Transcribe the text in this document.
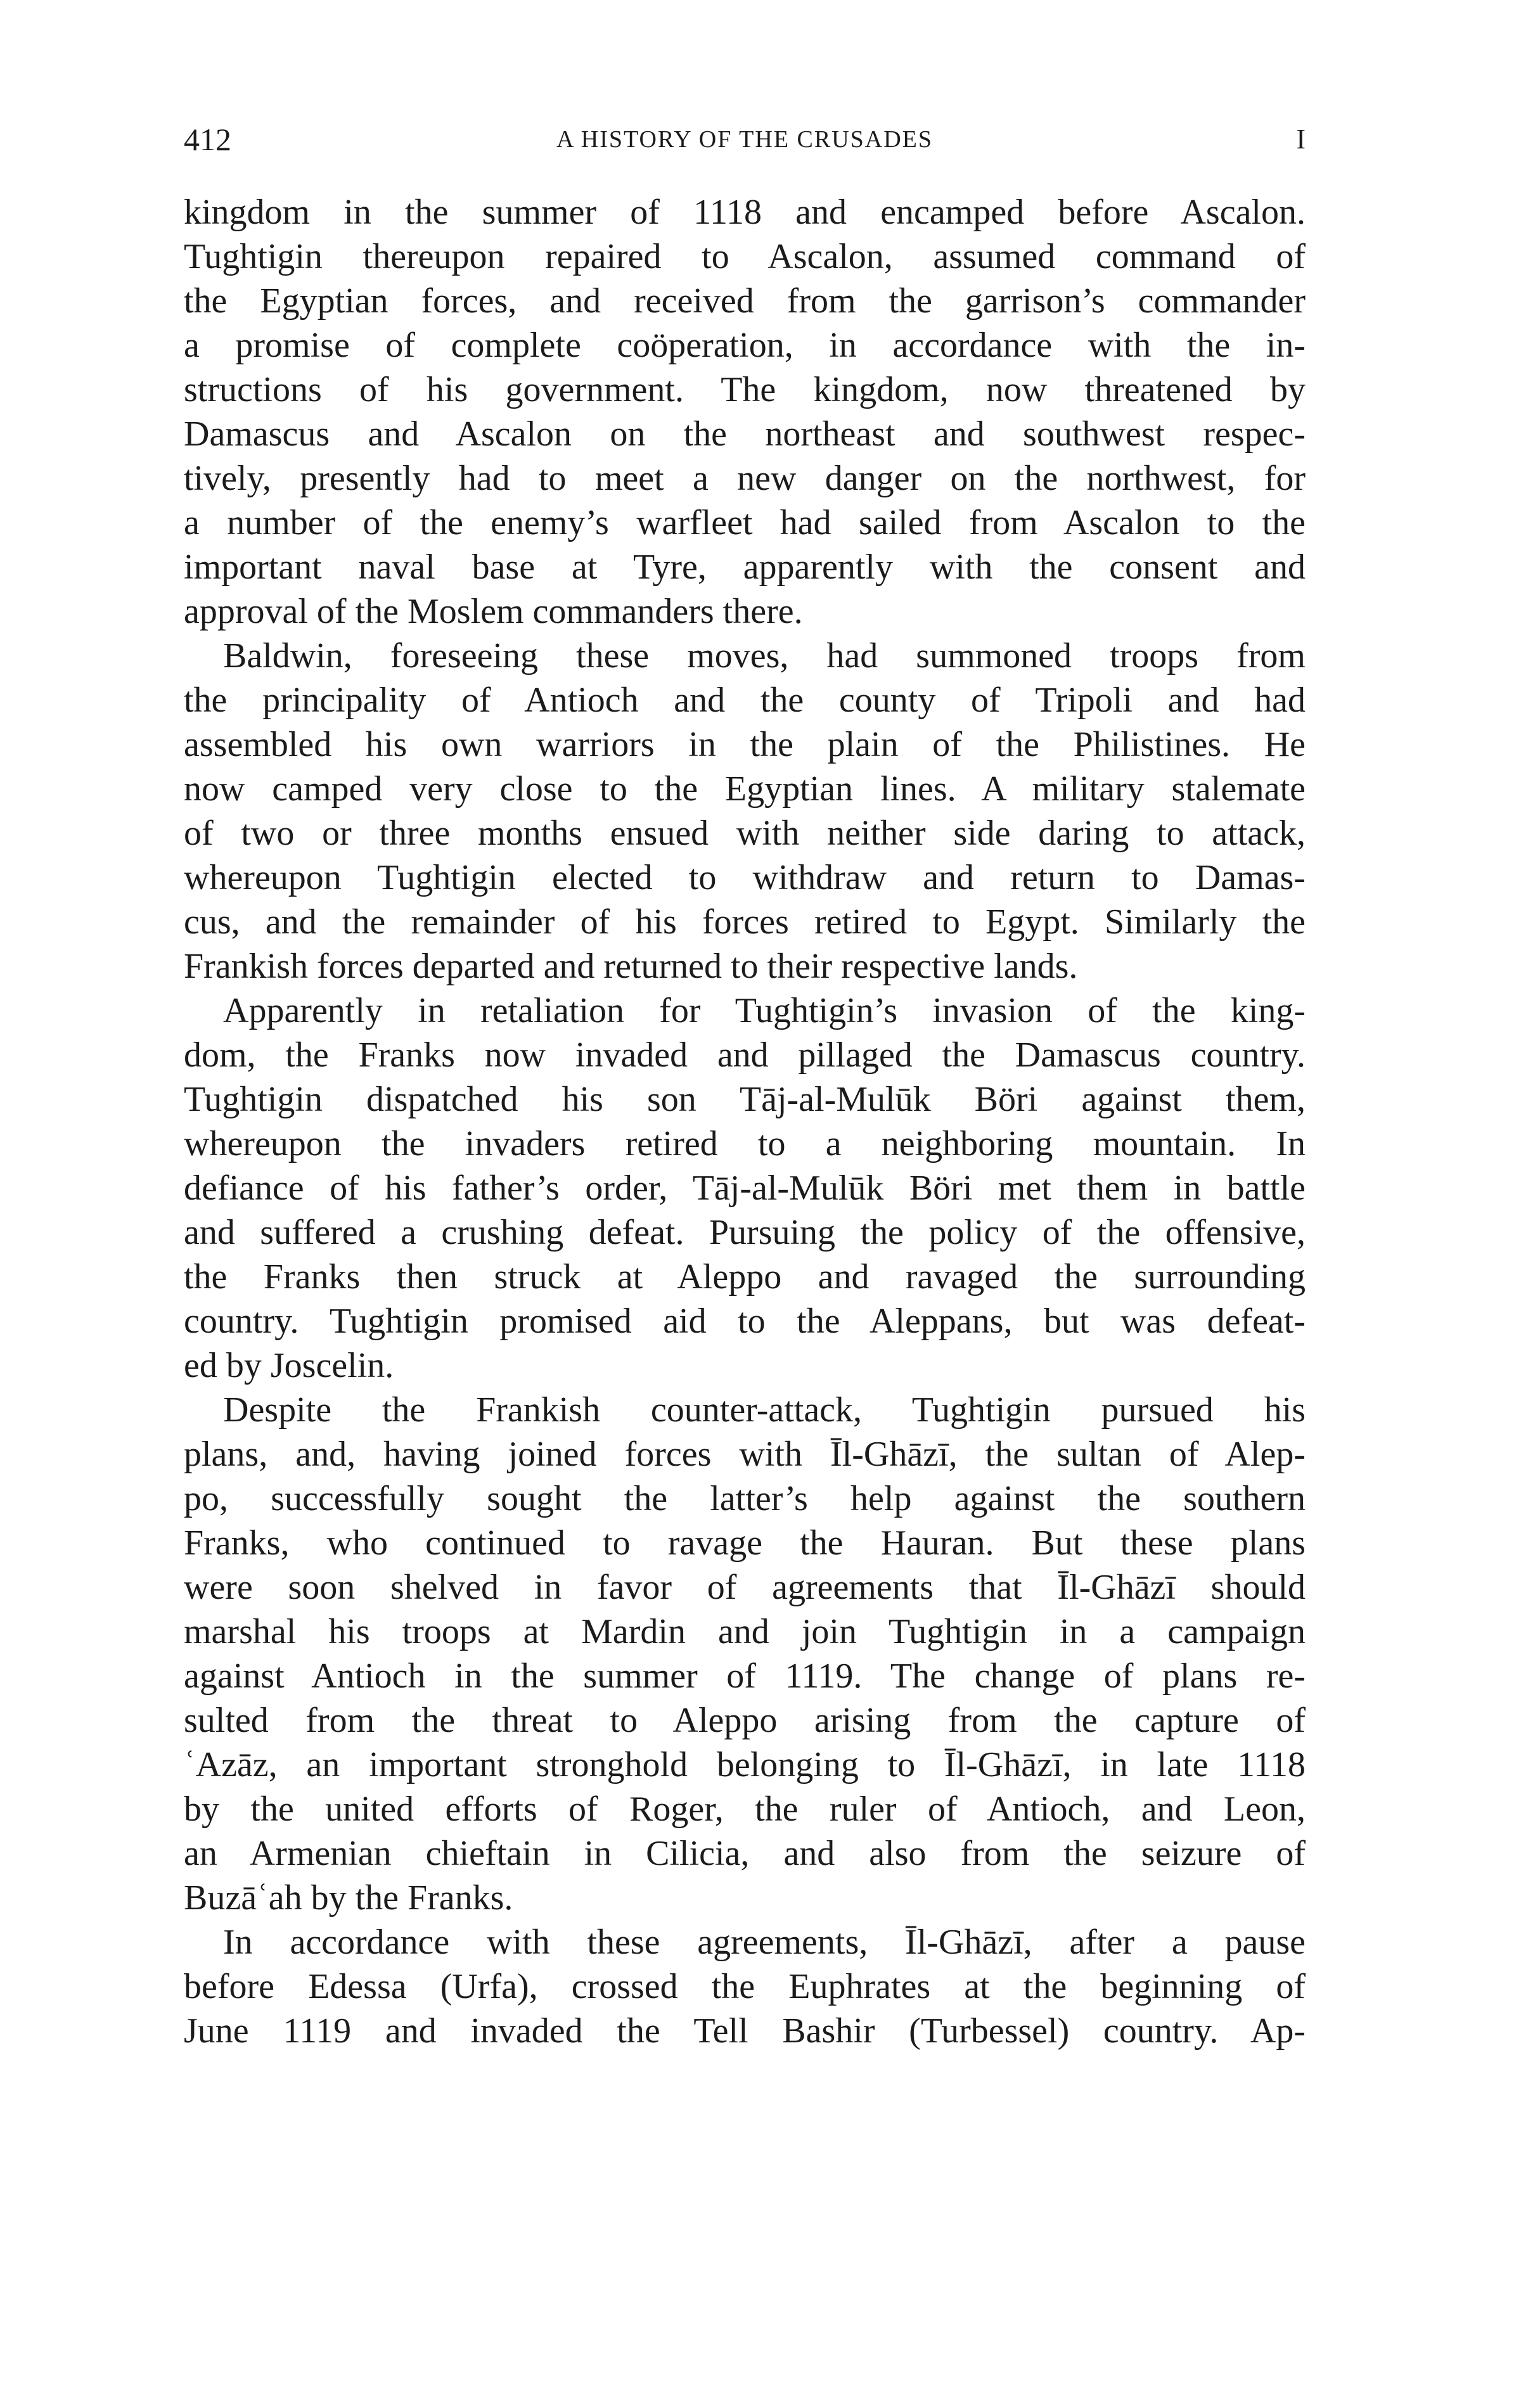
412	A HISTORY OF THE CRUSADES	I
kingdom in the summer of 1118 and encamped before Ascalon.
Tughtigin thereupon repaired to Ascalon, assumed command of
the Egyptian forces, and received from the garrison’s commander
a promise of complete coöperation, in accordance with the in-
structions of his government. The kingdom, now threatened by
Damascus and Ascalon on the northeast and southwest respec-
tively, presently had to meet a new danger on the northwest, for
a number of the enemy’s warfleet had sailed from Ascalon to the
important naval base at Tyre, apparently with the consent and
approval of the Moslem commanders there.
Baldwin, foreseeing these moves, had summoned troops from
the principality of Antioch and the county of Tripoli and had
assembled his own warriors in the plain of the Philistines. He
now camped very close to the Egyptian lines. A military stalemate
of two or three months ensued with neither side daring to attack,
whereupon Tughtigin elected to withdraw and return to Damas-
cus, and the remainder of his forces retired to Egypt. Similarly the
Frankish forces departed and returned to their respective lands.
Apparently in retaliation for Tughtigin’s invasion of the king-
dom, the Franks now invaded and pillaged the Damascus country.
Tughtigin dispatched his son Tāj-al-Mulūk Böri against them,
whereupon the invaders retired to a neighboring mountain. In
defiance of his father’s order, Tāj-al-Mulūk Böri met them in battle
and suffered a crushing defeat. Pursuing the policy of the offensive,
the Franks then struck at Aleppo and ravaged the surrounding
country. Tughtigin promised aid to the Aleppans, but was defeat-
ed by Joscelin.
Despite the Frankish counter-attack, Tughtigin pursued his
plans, and, having joined forces with Īl-Ghāzī, the sultan of Alep-
po, successfully sought the latter’s help against the southern
Franks, who continued to ravage the Hauran. But these plans
were soon shelved in favor of agreements that Īl-Ghāzī should
marshal his troops at Mardin and join Tughtigin in a campaign
against Antioch in the summer of 1119. The change of plans re-
sulted from the threat to Aleppo arising from the capture of
ʿAzāz, an important stronghold belonging to Īl-Ghāzī, in late 1118
by the united efforts of Roger, the ruler of Antioch, and Leon,
an Armenian chieftain in Cilicia, and also from the seizure of
Buzāʿah by the Franks.
In accordance with these agreements, Īl-Ghāzī, after a pause
before Edessa (Urfa), crossed the Euphrates at the beginning of
June 1119 and invaded the Tell Bashir (Turbessel) country. Ap-
